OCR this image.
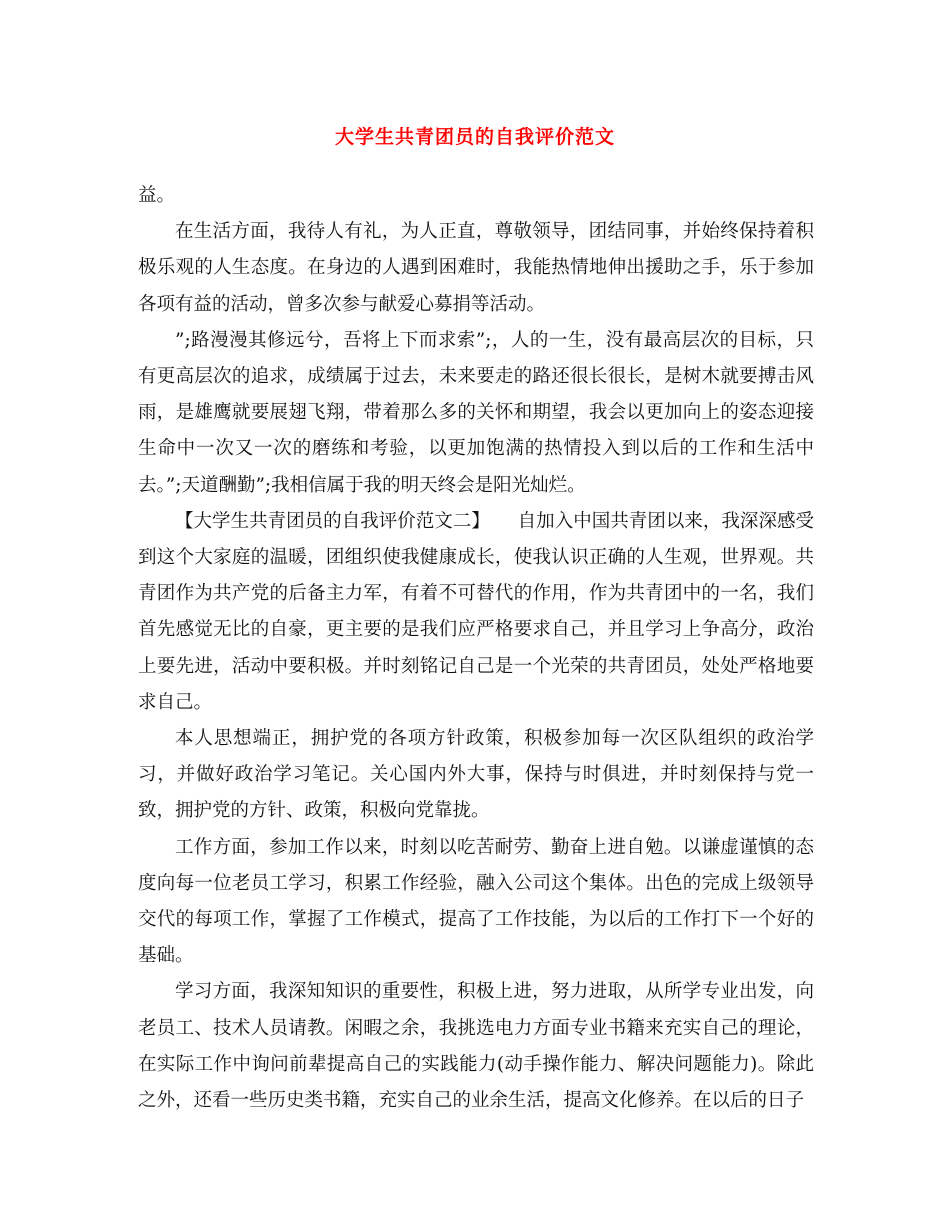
大学生共青团员的自我评价范文

益。

在生活方面，我待人有礼，为人正直，尊敬领导，团结同事，并始终保持着积极乐观的人生态度。在身边的人遇到困难时，我能热情地伸出援助之手，乐于参加各项有益的活动，曾多次参与献爱心募捐等活动。

”;路漫漫其修远兮，吾将上下而求索”;，人的一生，没有最高层次的目标，只有更高层次的追求，成绩属于过去，未来要走的路还很长很长，是树木就要搏击风雨，是雄鹰就要展翅飞翔，带着那么多的关怀和期望，我会以更加向上的姿态迎接生命中一次又一次的磨练和考验，以更加饱满的热情投入到以后的工作和生活中去。”;天道酬勤”;我相信属于我的明天终会是阳光灿烂。

【大学生共青团员的自我评价范文二】　　自加入中国共青团以来，我深深感受到这个大家庭的温暖，团组织使我健康成长，使我认识正确的人生观，世界观。共青团作为共产党的后备主力军，有着不可替代的作用，作为共青团中的一名，我们首先感觉无比的自豪，更主要的是我们应严格要求自己，并且学习上争高分，政治上要先进，活动中要积极。并时刻铭记自己是一个光荣的共青团员，处处严格地要求自己。

本人思想端正，拥护党的各项方针政策，积极参加每一次区队组织的政治学习，并做好政治学习笔记。关心国内外大事，保持与时俱进，并时刻保持与党一致，拥护党的方针、政策，积极向党靠拢。

工作方面，参加工作以来，时刻以吃苦耐劳、勤奋上进自勉。以谦虚谨慎的态度向每一位老员工学习，积累工作经验，融入公司这个集体。出色的完成上级领导交代的每项工作，掌握了工作模式，提高了工作技能，为以后的工作打下一个好的基础。

学习方面，我深知知识的重要性，积极上进，努力进取，从所学专业出发，向老员工、技术人员请教。闲暇之余，我挑选电力方面专业书籍来充实自己的理论，在实际工作中询问前辈提高自己的实践能力(动手操作能力、解决问题能力)。除此之外，还看一些历史类书籍，充实自己的业余生活，提高文化修养。在以后的日子
